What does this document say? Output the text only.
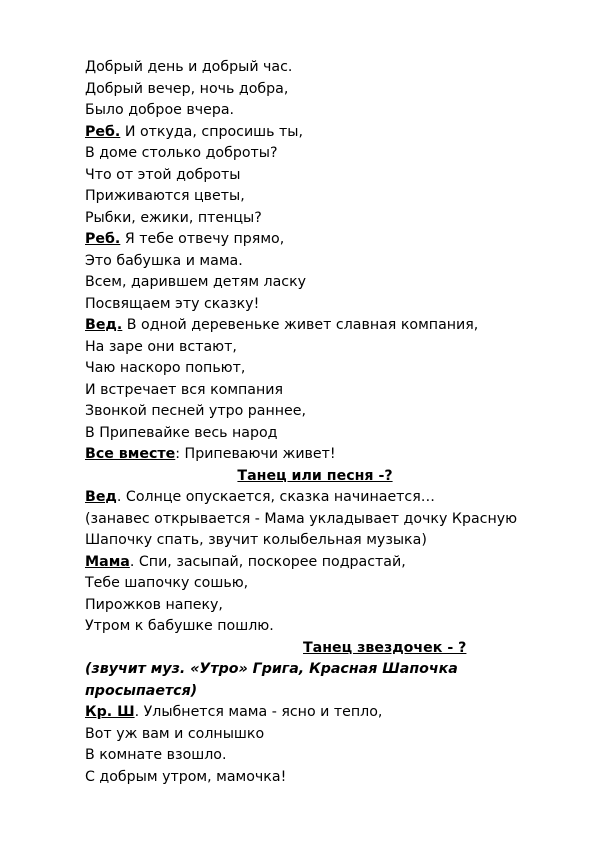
Добрый день и добрый час.
Добрый вечер, ночь добра,
Было доброе вчера.
Реб. И откуда, спросишь ты,
В доме столько доброты?
Что от этой доброты
Приживаются цветы,
Рыбки, ежики, птенцы?
Реб. Я тебе отвечу прямо,
Это бабушка и мама.
Всем, дарившем детям ласку
Посвящаем эту сказку!
Вед. В одной деревеньке живет славная компания,
На заре они встают,
Чаю наскоро попьют,
И встречает вся компания
Звонкой песней утро раннее,
В Припевайке весь народ
Все вместе: Припеваючи живет!
Танец или песня -?
Вед. Солнце опускается, сказка начинается…
(занавес открывается - Мама укладывает дочку Красную Шапочку спать, звучит колыбельная музыка)
Мама. Спи, засыпай, поскорее подрастай,
Тебе шапочку сошью,
Пирожков напеку,
Утром к бабушке пошлю.
Танец звездочек - ?
(звучит муз. «Утро» Грига, Красная Шапочка просыпается)
Кр. Ш. Улыбнется мама - ясно и тепло,
Вот уж вам и солнышко
В комнате взошло.
С добрым утром, мамочка!
